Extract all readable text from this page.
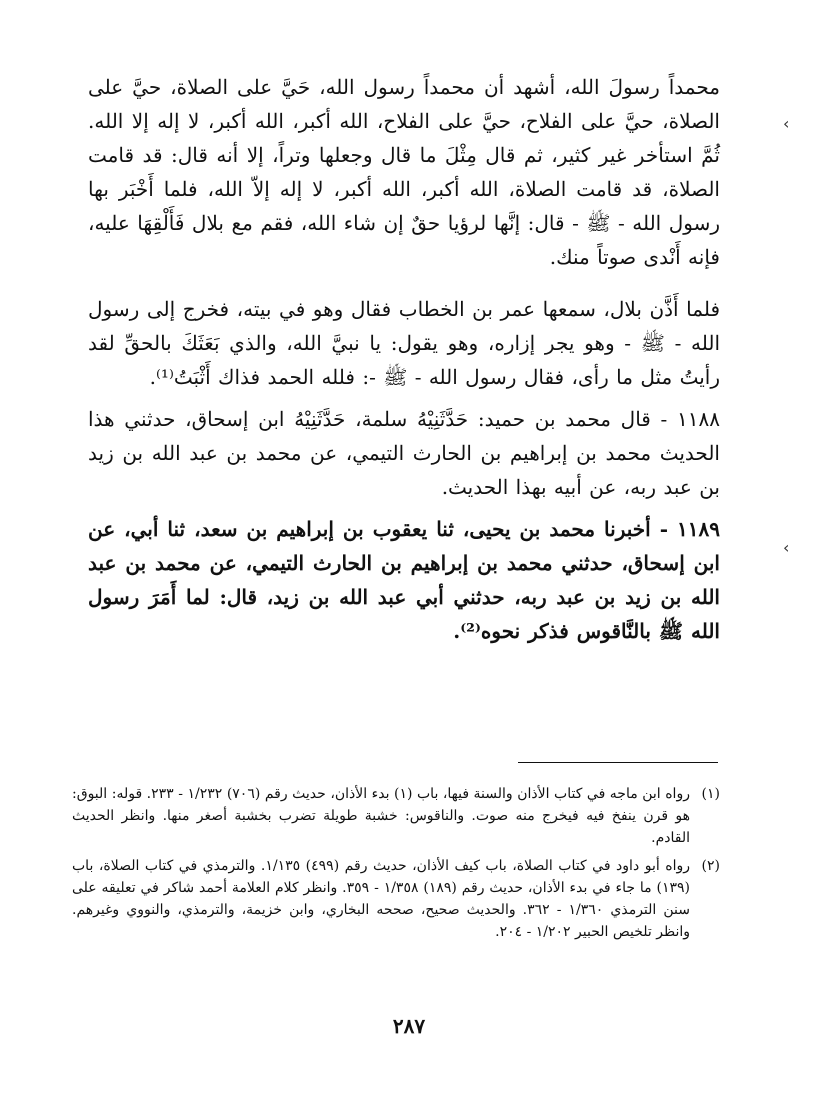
‹
‹

محمداً رسولَ الله، أشهد أن محمداً رسول الله، حَيَّ على الصلاة، حيَّ على الصلاة، حيَّ على الفلاح، حيَّ على الفلاح، الله أكبر، الله أكبر، لا إله إلا الله. ثُمَّ استأخر غير كثير، ثم قال مِثْلَ ما قال وجعلها وتراً، إلا أنه قال: قد قامت الصلاة، قد قامت الصلاة، الله أكبر، الله أكبر، لا إله إلاّ الله، فلما أَخْبَر بها رسول الله - ﷺ - قال: إنَّها لرؤيا حقٌ إن شاء الله، فقم مع بلال فَأَلْقِهَا عليه، فإنه أَنْدى صوتاً منك.

فلما أَذَّن بلال، سمعها عمر بن الخطاب فقال وهو في بيته، فخرج إلى رسول الله - ﷺ - وهو يجر إزاره، وهو يقول: يا نبيَّ الله، والذي بَعَثَكَ بالحقِّ لقد رأيتُ مثل ما رأى، فقال رسول الله - ﷺ -: فلله الحمد فذاك أَثْبَتُ⁽¹⁾.

١١٨٨ - قال محمد بن حميد: حَدَّثَنِيْهُ سلمة، حَدَّثَنِيْهُ ابن إسحاق، حدثني هذا الحديث محمد بن إبراهيم بن الحارث التيمي، عن محمد بن عبد الله بن زيد بن عبد ربه، عن أبيه بهذا الحديث.

١١٨٩ - أخبرنا محمد بن يحيى، ثنا يعقوب بن إبراهيم بن سعد، ثنا أبي، عن ابن إسحاق، حدثني محمد بن إبراهيم بن الحارث التيمي، عن محمد بن عبد الله بن زيد بن عبد ربه، حدثني أبي عبد الله بن زيد، قال: لما أَمَرَ رسول الله ﷺ بالنَّاقوس فذكر نحوه⁽²⁾.

(١)
رواه ابن ماجه في كتاب الأذان والسنة فيها، باب (١) بدء الأذان، حديث رقم (٧٠٦) ١/٢٣٢ - ٢٣٣. قوله: البوق: هو قرن ينفخ فيه فيخرج منه صوت. والناقوس: خشبة طويلة تضرب بخشبة أصغر منها. وانظر الحديث القادم.

(٢)
رواه أبو داود في كتاب الصلاة، باب كيف الأذان، حديث رقم (٤٩٩) ١/١٣٥. والترمذي في كتاب الصلاة، باب (١٣٩) ما جاء في بدء الأذان، حديث رقم (١٨٩) ١/٣٥٨ - ٣٥٩. وانظر كلام العلامة أحمد شاكر في تعليقه على سنن الترمذي ١/٣٦٠ - ٣٦٢. والحديث صحيح، صححه البخاري، وابن خزيمة، والترمذي، والنووي وغيرهم. وانظر تلخيص الحبير ١/٢٠٢ - ٢٠٤.

٢٨٧
